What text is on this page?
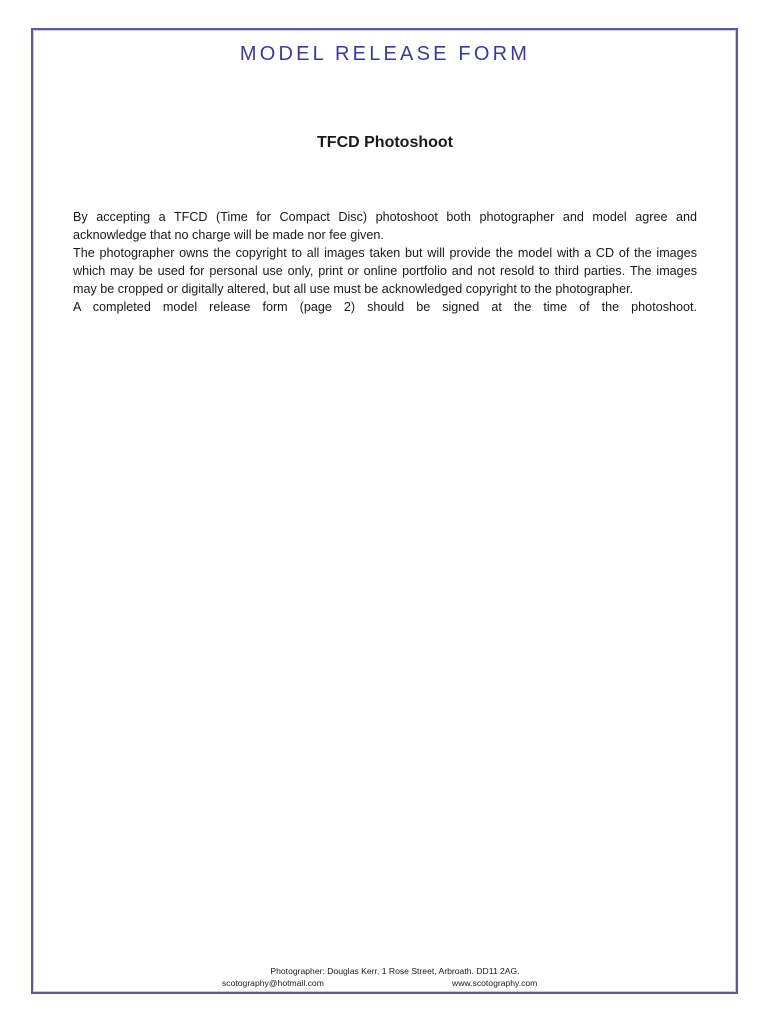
MODEL RELEASE FORM
TFCD Photoshoot

By accepting a TFCD (Time for Compact Disc) photoshoot both photographer and model agree and acknowledge that no charge will be made nor fee given.

The photographer owns the copyright to all images taken but will provide the model with a CD of the images which may be used for personal use only, print or online portfolio and not resold to third parties. The images may be cropped or digitally altered, but all use must be acknowledged copyright to the photographer.

A completed model release form (page 2) should be signed at the time of the photoshoot.

Photographer: Douglas Kerr, 1 Rose Street, Arbroath. DD11 2AG.
scotography@hotmail.com	www.scotography.com
